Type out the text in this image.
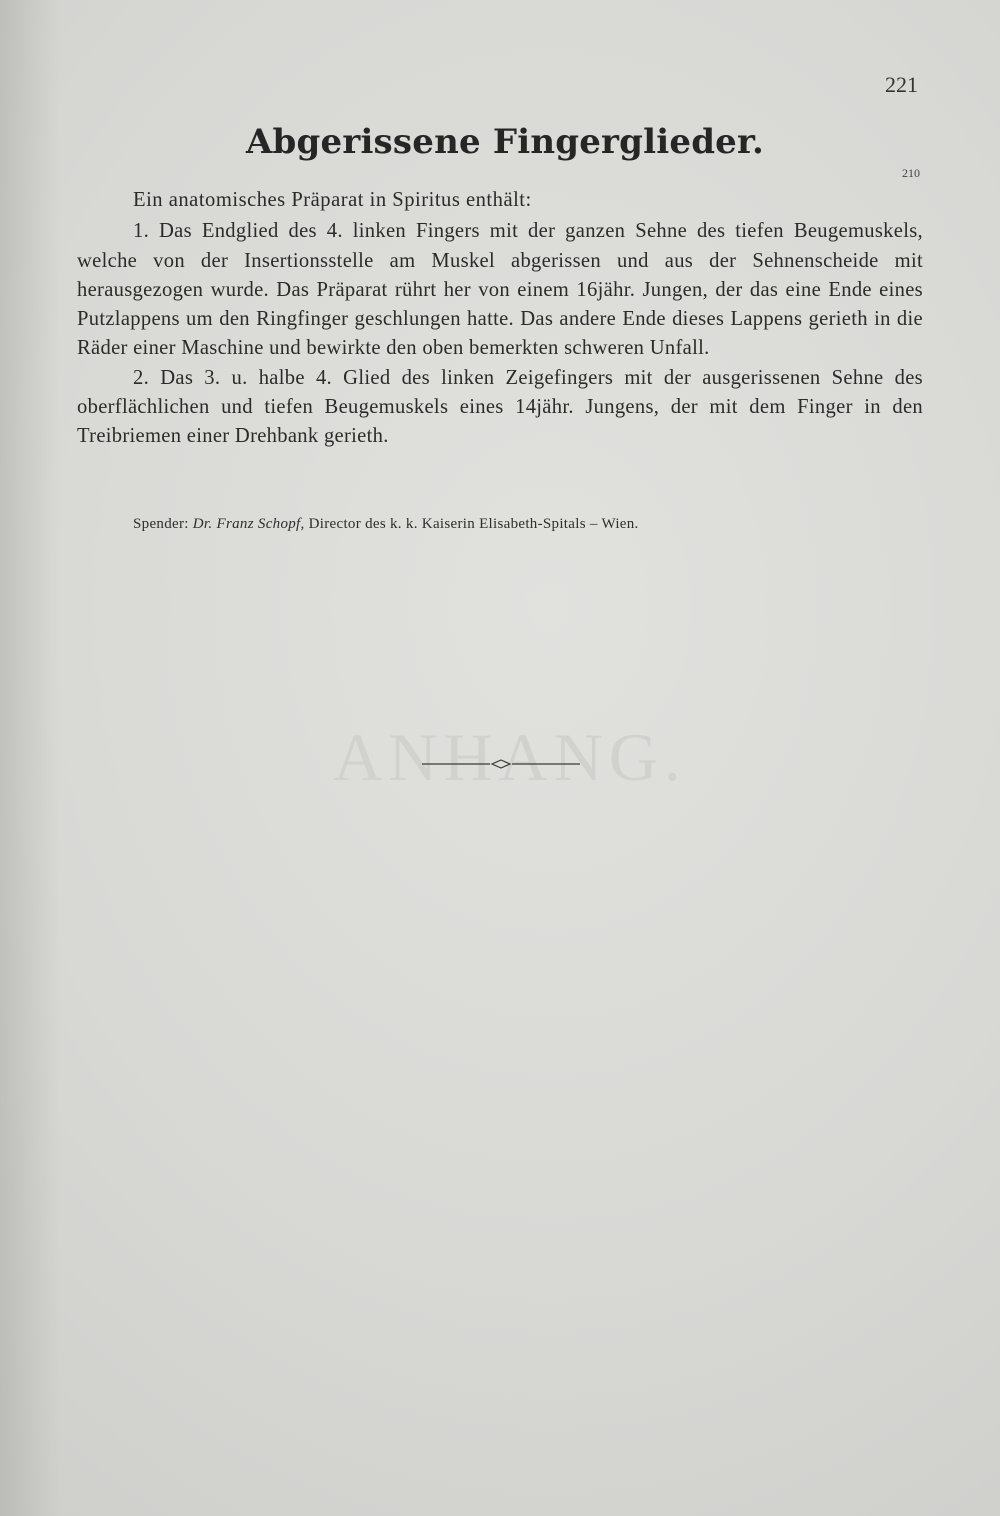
221
Abgerissene Fingerglieder.
210

Ein anatomisches Präparat in Spiritus enthält:

1. Das Endglied des 4. linken Fingers mit der ganzen Sehne des tiefen Beugemuskels, welche von der Insertionsstelle am Muskel abgerissen und aus der Sehnenscheide mit herausgezogen wurde. Das Präparat rührt her von einem 16jähr. Jungen, der das eine Ende eines Putzlappens um den Ringfinger geschlungen hatte. Das andere Ende dieses Lappens gerieth in die Räder einer Maschine und bewirkte den oben bemerkten schweren Unfall.

2. Das 3. u. halbe 4. Glied des linken Zeigefingers mit der ausgerissenen Sehne des oberflächlichen und tiefen Beugemuskels eines 14jähr. Jungens, der mit dem Finger in den Treibriemen einer Drehbank gerieth.

Spender: Dr. Franz Schopf, Director des k. k. Kaiserin Elisabeth-Spitals – Wien.
ANHANG.
